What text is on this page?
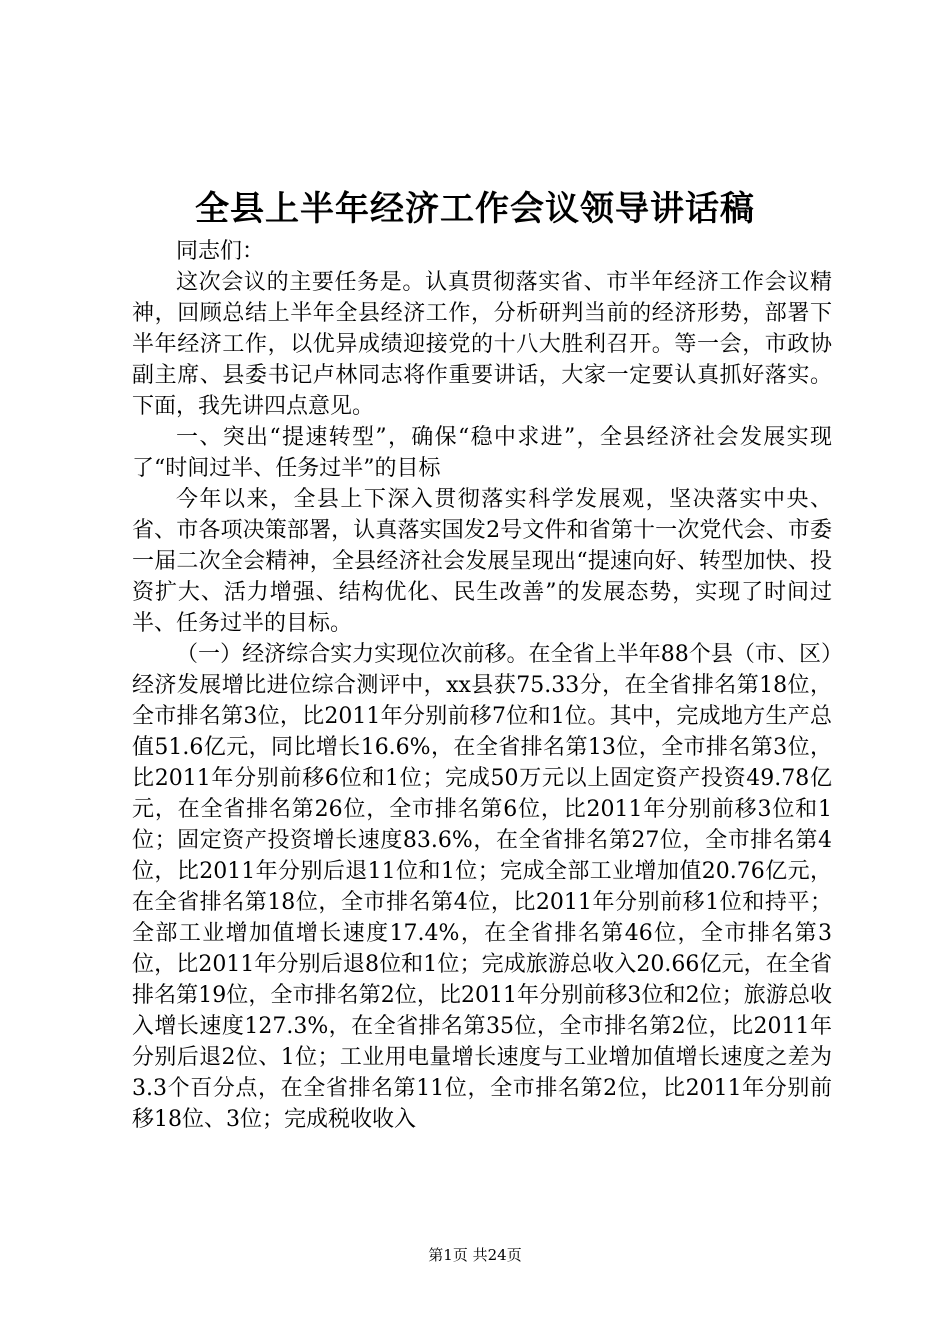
全县上半年经济工作会议领导讲话稿

同志们：

这次会议的主要任务是。认真贯彻落实省、市半年经济工作会议精神，回顾总结上半年全县经济工作，分析研判当前的经济形势，部署下半年经济工作，以优异成绩迎接党的十八大胜利召开。等一会，市政协副主席、县委书记卢林同志将作重要讲话，大家一定要认真抓好落实。下面，我先讲四点意见。

一、突出“提速转型”，确保“稳中求进”，全县经济社会发展实现了“时间过半、任务过半”的目标

今年以来，全县上下深入贯彻落实科学发展观，坚决落实中央、省、市各项决策部署，认真落实国发2号文件和省第十一次党代会、市委一届二次全会精神，全县经济社会发展呈现出“提速向好、转型加快、投资扩大、活力增强、结构优化、民生改善”的发展态势，实现了时间过半、任务过半的目标。

（一）经济综合实力实现位次前移。在全省上半年88个县（市、区）经济发展增比进位综合测评中，xx县获75.33分，在全省排名第18位，全市排名第3位，比2011年分别前移7位和1位。其中，完成地方生产总值51.6亿元，同比增长16.6%，在全省排名第13位，全市排名第3位，比2011年分别前移6位和1位；完成50万元以上固定资产投资49.78亿元，在全省排名第26位，全市排名第6位，比2011年分别前移3位和1位；固定资产投资增长速度83.6%，在全省排名第27位，全市排名第4位，比2011年分别后退11位和1位；完成全部工业增加值20.76亿元，在全省排名第18位，全市排名第4位，比2011年分别前移1位和持平；全部工业增加值增长速度17.4%，在全省排名第46位，全市排名第3位，比2011年分别后退8位和1位；完成旅游总收入20.66亿元，在全省排名第19位，全市排名第2位，比2011年分别前移3位和2位；旅游总收入增长速度127.3%，在全省排名第35位，全市排名第2位，比2011年分别后退2位、1位；工业用电量增长速度与工业增加值增长速度之差为3.3个百分点，在全省排名第11位，全市排名第2位，比2011年分别前移18位、3位；完成税收收入

第1页 共24页
